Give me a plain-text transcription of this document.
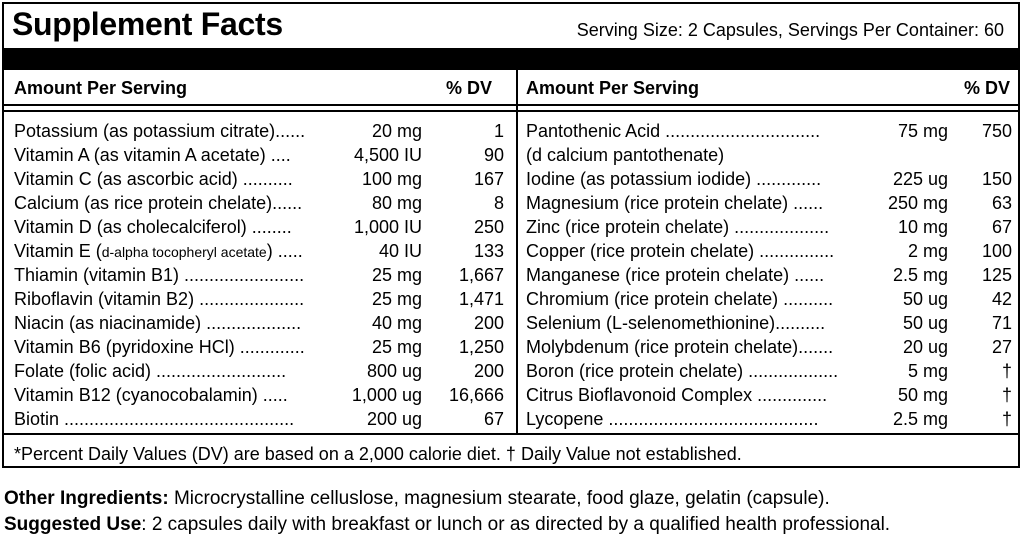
Supplement Facts	Serving Size: 2 Capsules, Servings Per Container: 60
Amount Per Serving	% DV Amount Per Serving	% DV
Potassium (as potassium citrate)......	20 mg	1
Vitamin A (as vitamin A acetate) ....	4,500 IU	90
Vitamin C (as ascorbic acid) ..........	100 mg	167
Calcium (as rice protein chelate)......	80 mg	8
Vitamin D (as cholecalciferol) ........	1,000 IU	250
Vitamin E (d-alpha tocopheryl acetate) .....	40 IU	133
Thiamin (vitamin B1) ........................	25 mg 1,667
Riboflavin (vitamin B2) .....................	25 mg 1,471
Niacin (as niacinamide) ...................	40 mg	200
Vitamin B6 (pyridoxine HCl) .............	25 mg 1,250
Folate (folic acid) ..........................	800 ug	200
Vitamin B12 (cyanocobalamin) .....	1,000 ug 16,666
Biotin ..............................................	200 ug	67
Pantothenic Acid ...............................	75 mg 750
(d calcium pantothenate)
Iodine (as potassium iodide) .............	225 ug 150
Magnesium (rice protein chelate) ......	250 mg 63
Zinc (rice protein chelate) ...................	10 mg 67
Copper (rice protein chelate) ...............	2 mg 100
Manganese (rice protein chelate) ......	2.5 mg 125
Chromium (rice protein chelate) ..........	50 ug 42
Selenium (L-selenomethionine)..........	50 ug 71
Molybdenum (rice protein chelate).......	20 ug 27
Boron (rice protein chelate) ..................	5 mg	†
Citrus Bioflavonoid Complex ..............	50 mg	†
Lycopene ..........................................	2.5 mg	†
*Percent Daily Values (DV) are based on a 2,000 calorie diet. † Daily Value not established.
Other Ingredients: Microcrystalline celluslose, magnesium stearate, food glaze, gelatin (capsule).
Suggested Use: 2 capsules daily with breakfast or lunch or as directed by a qualified health professional.
